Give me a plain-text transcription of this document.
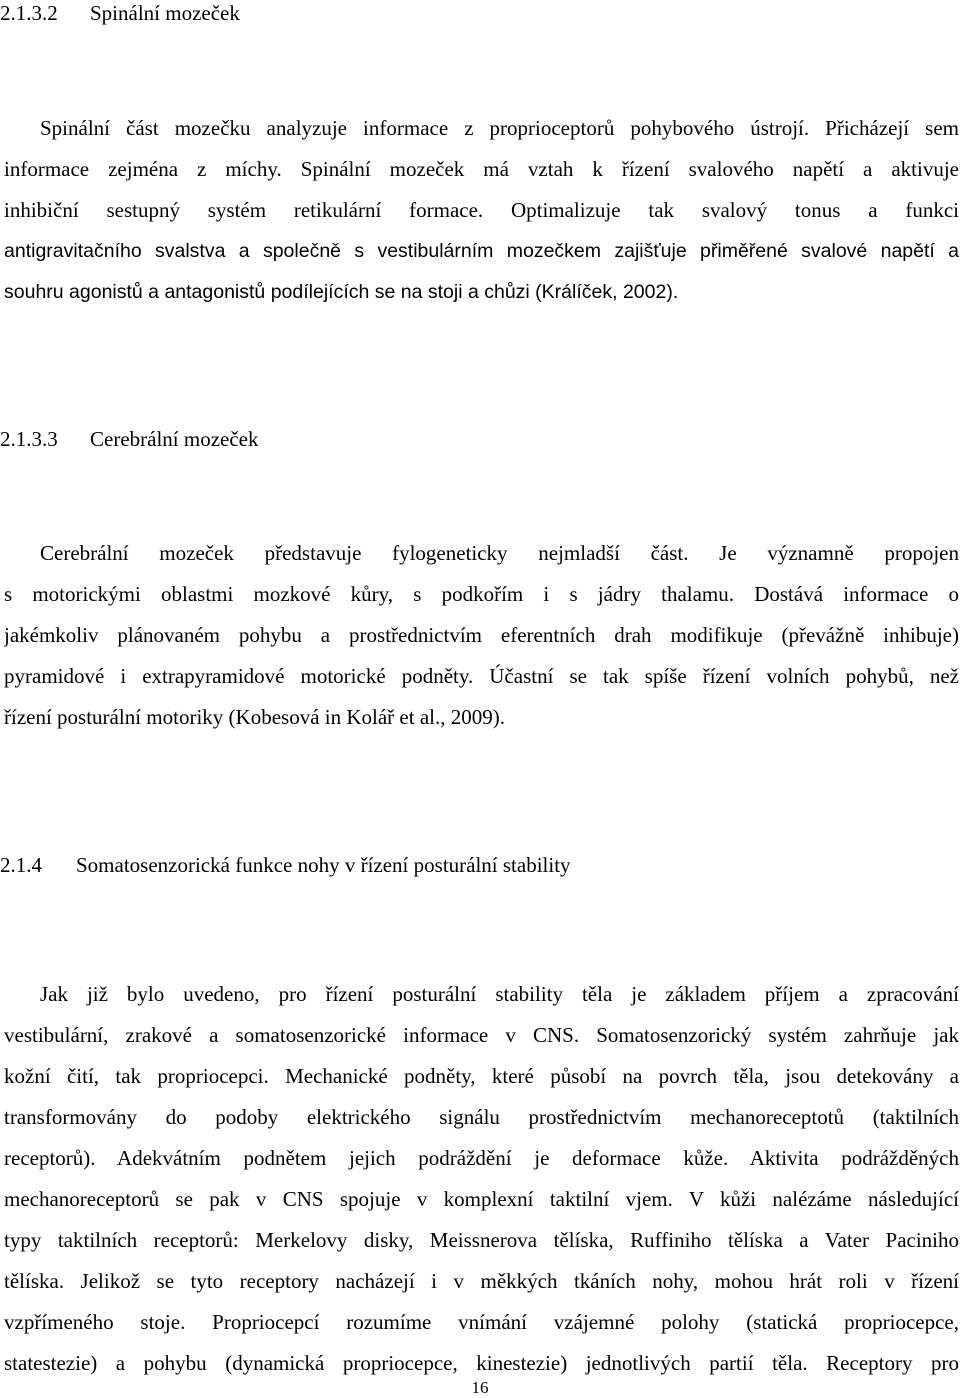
2.1.3.2 Spinální mozeček
Spinální část mozečku analyzuje informace z proprioceptorů pohybového ústrojí. Přicházejí sem
informace zejména z míchy. Spinální mozeček má vztah k řízení svalového napětí a aktivuje
inhibiční sestupný systém retikulární formace. Optimalizuje tak svalový tonus a funkci
antigravitačního svalstva a společně s vestibulárním mozečkem zajišťuje přiměřené svalové napětí a
souhru agonistů a antagonistů podílejících se na stoji a chůzi (Králíček, 2002).
2.1.3.3 Cerebrální mozeček
Cerebrální mozeček představuje fylogeneticky nejmladší část. Je významně propojen
s motorickými oblastmi mozkové kůry, s podkořím i s jádry thalamu. Dostává informace o
jakémkoliv plánovaném pohybu a prostřednictvím eferentních drah modifikuje (převážně inhibuje)
pyramidové i extrapyramidové motorické podněty. Účastní se tak spíše řízení volních pohybů, než
řízení posturální motoriky (Kobesová in Kolář et al., 2009).
2.1.4 Somatosenzorická funkce nohy v řízení posturální stability
Jak již bylo uvedeno, pro řízení posturální stability těla je základem příjem a zpracování
vestibulární, zrakové a somatosenzorické informace v CNS. Somatosenzorický systém zahrňuje jak
kožní čití, tak propriocepci. Mechanické podněty, které působí na povrch těla, jsou detekovány a
transformovány do podoby elektrického signálu prostřednictvím mechanoreceptotů (taktilních
receptorů). Adekvátním podnětem jejich podráždění je deformace kůže. Aktivita podrážděných
mechanoreceptorů se pak v CNS spojuje v komplexní taktilní vjem. V kůži nalézáme následující
typy taktilních receptorů: Merkelovy disky, Meissnerova tělíska, Ruffiniho tělíska a Vater Paciniho
tělíska. Jelikož se tyto receptory nacházejí i v měkkých tkáních nohy, mohou hrát roli v řízení
vzpřímeného stoje. Propriocepcí rozumíme vnímání vzájemné polohy (statická propriocepce,
statestezie) a pohybu (dynamická propriocepce, kinestezie) jednotlivých partií těla. Receptory pro
16
